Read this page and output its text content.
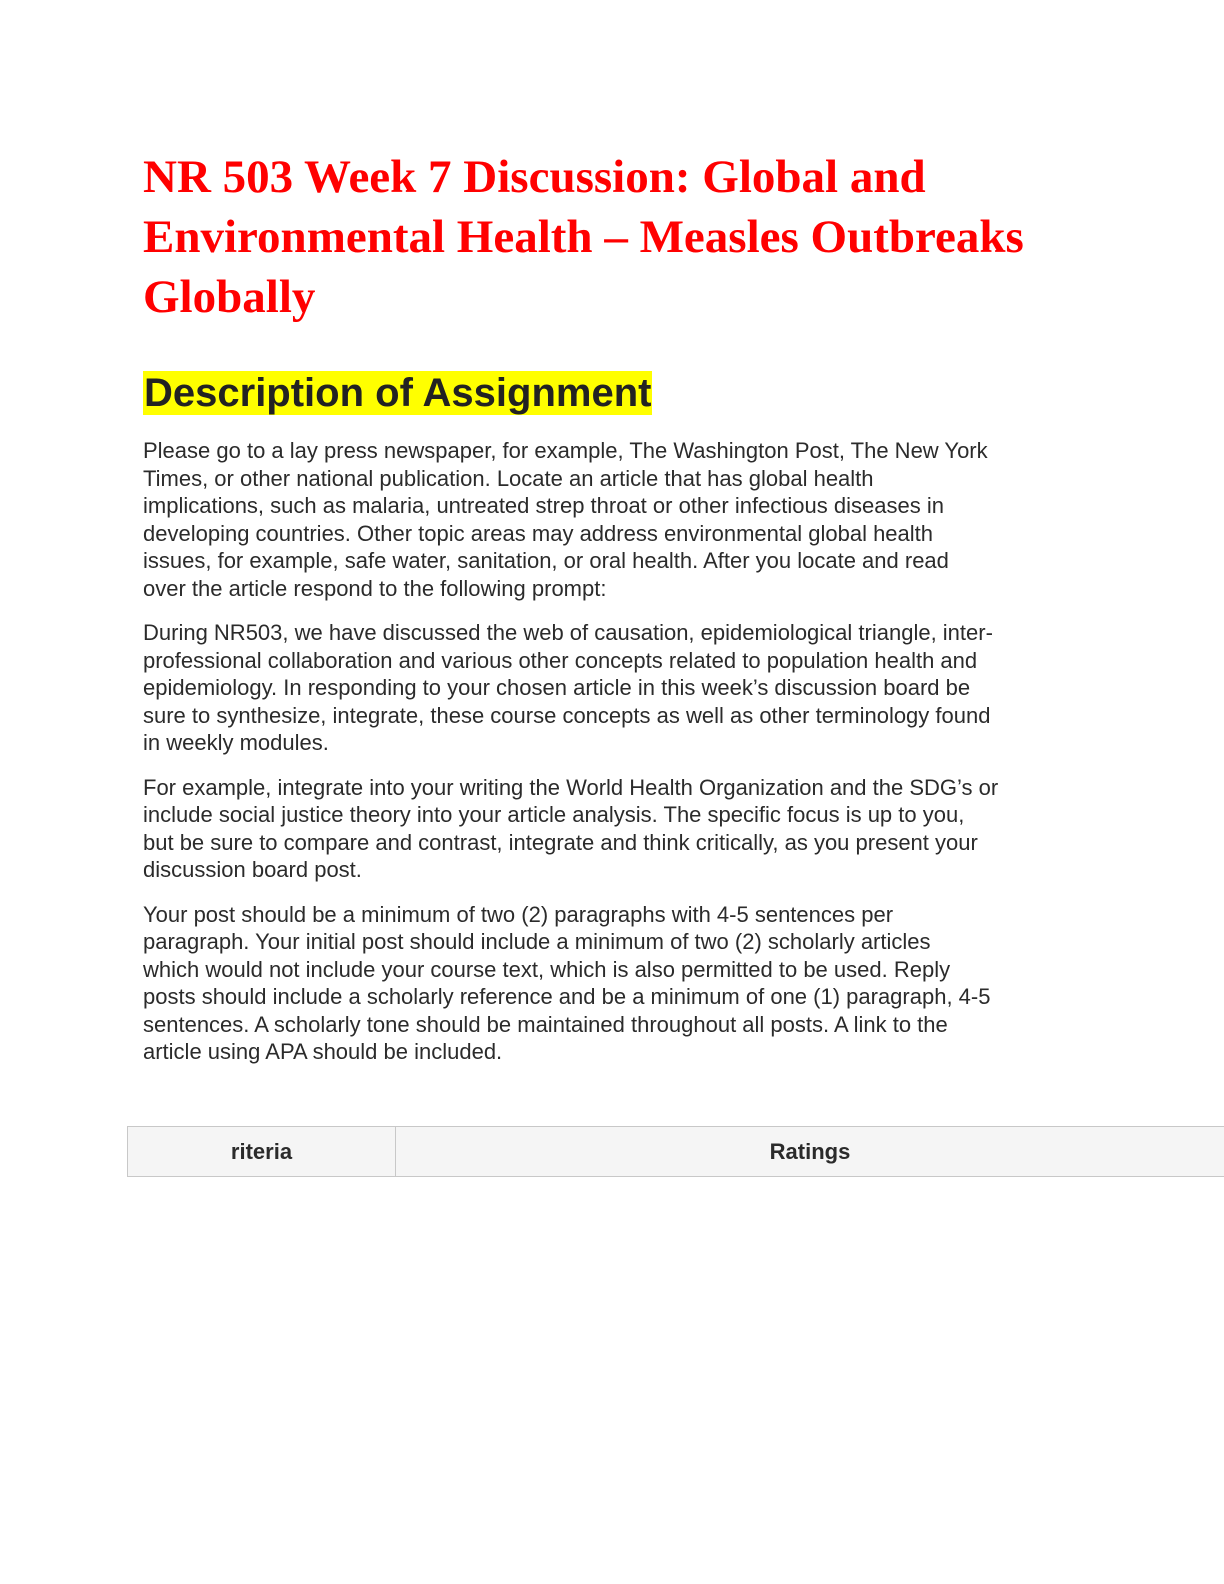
NR 503 Week 7 Discussion: Global and
Environmental Health – Measles Outbreaks
Globally
Description of Assignment

Please go to a lay press newspaper, for example, The Washington Post, The New York
Times, or other national publication. Locate an article that has global health
implications, such as malaria, untreated strep throat or other infectious diseases in
developing countries. Other topic areas may address environmental global health
issues, for example, safe water, sanitation, or oral health. After you locate and read
over the article respond to the following prompt:

During NR503, we have discussed the web of causation, epidemiological triangle, inter-
professional collaboration and various other concepts related to population health and
epidemiology. In responding to your chosen article in this week’s discussion board be
sure to synthesize, integrate, these course concepts as well as other terminology found
in weekly modules.

For example, integrate into your writing the World Health Organization and the SDG’s or
include social justice theory into your article analysis. The specific focus is up to you,
but be sure to compare and contrast, integrate and think critically, as you present your
discussion board post.

Your post should be a minimum of two (2) paragraphs with 4-5 sentences per
paragraph. Your initial post should include a minimum of two (2) scholarly articles
which would not include your course text, which is also permitted to be used. Reply
posts should include a scholarly reference and be a minimum of one (1) paragraph, 4-5
sentences. A scholarly tone should be maintained throughout all posts. A link to the
article using APA should be included.

riteria	Ratings
